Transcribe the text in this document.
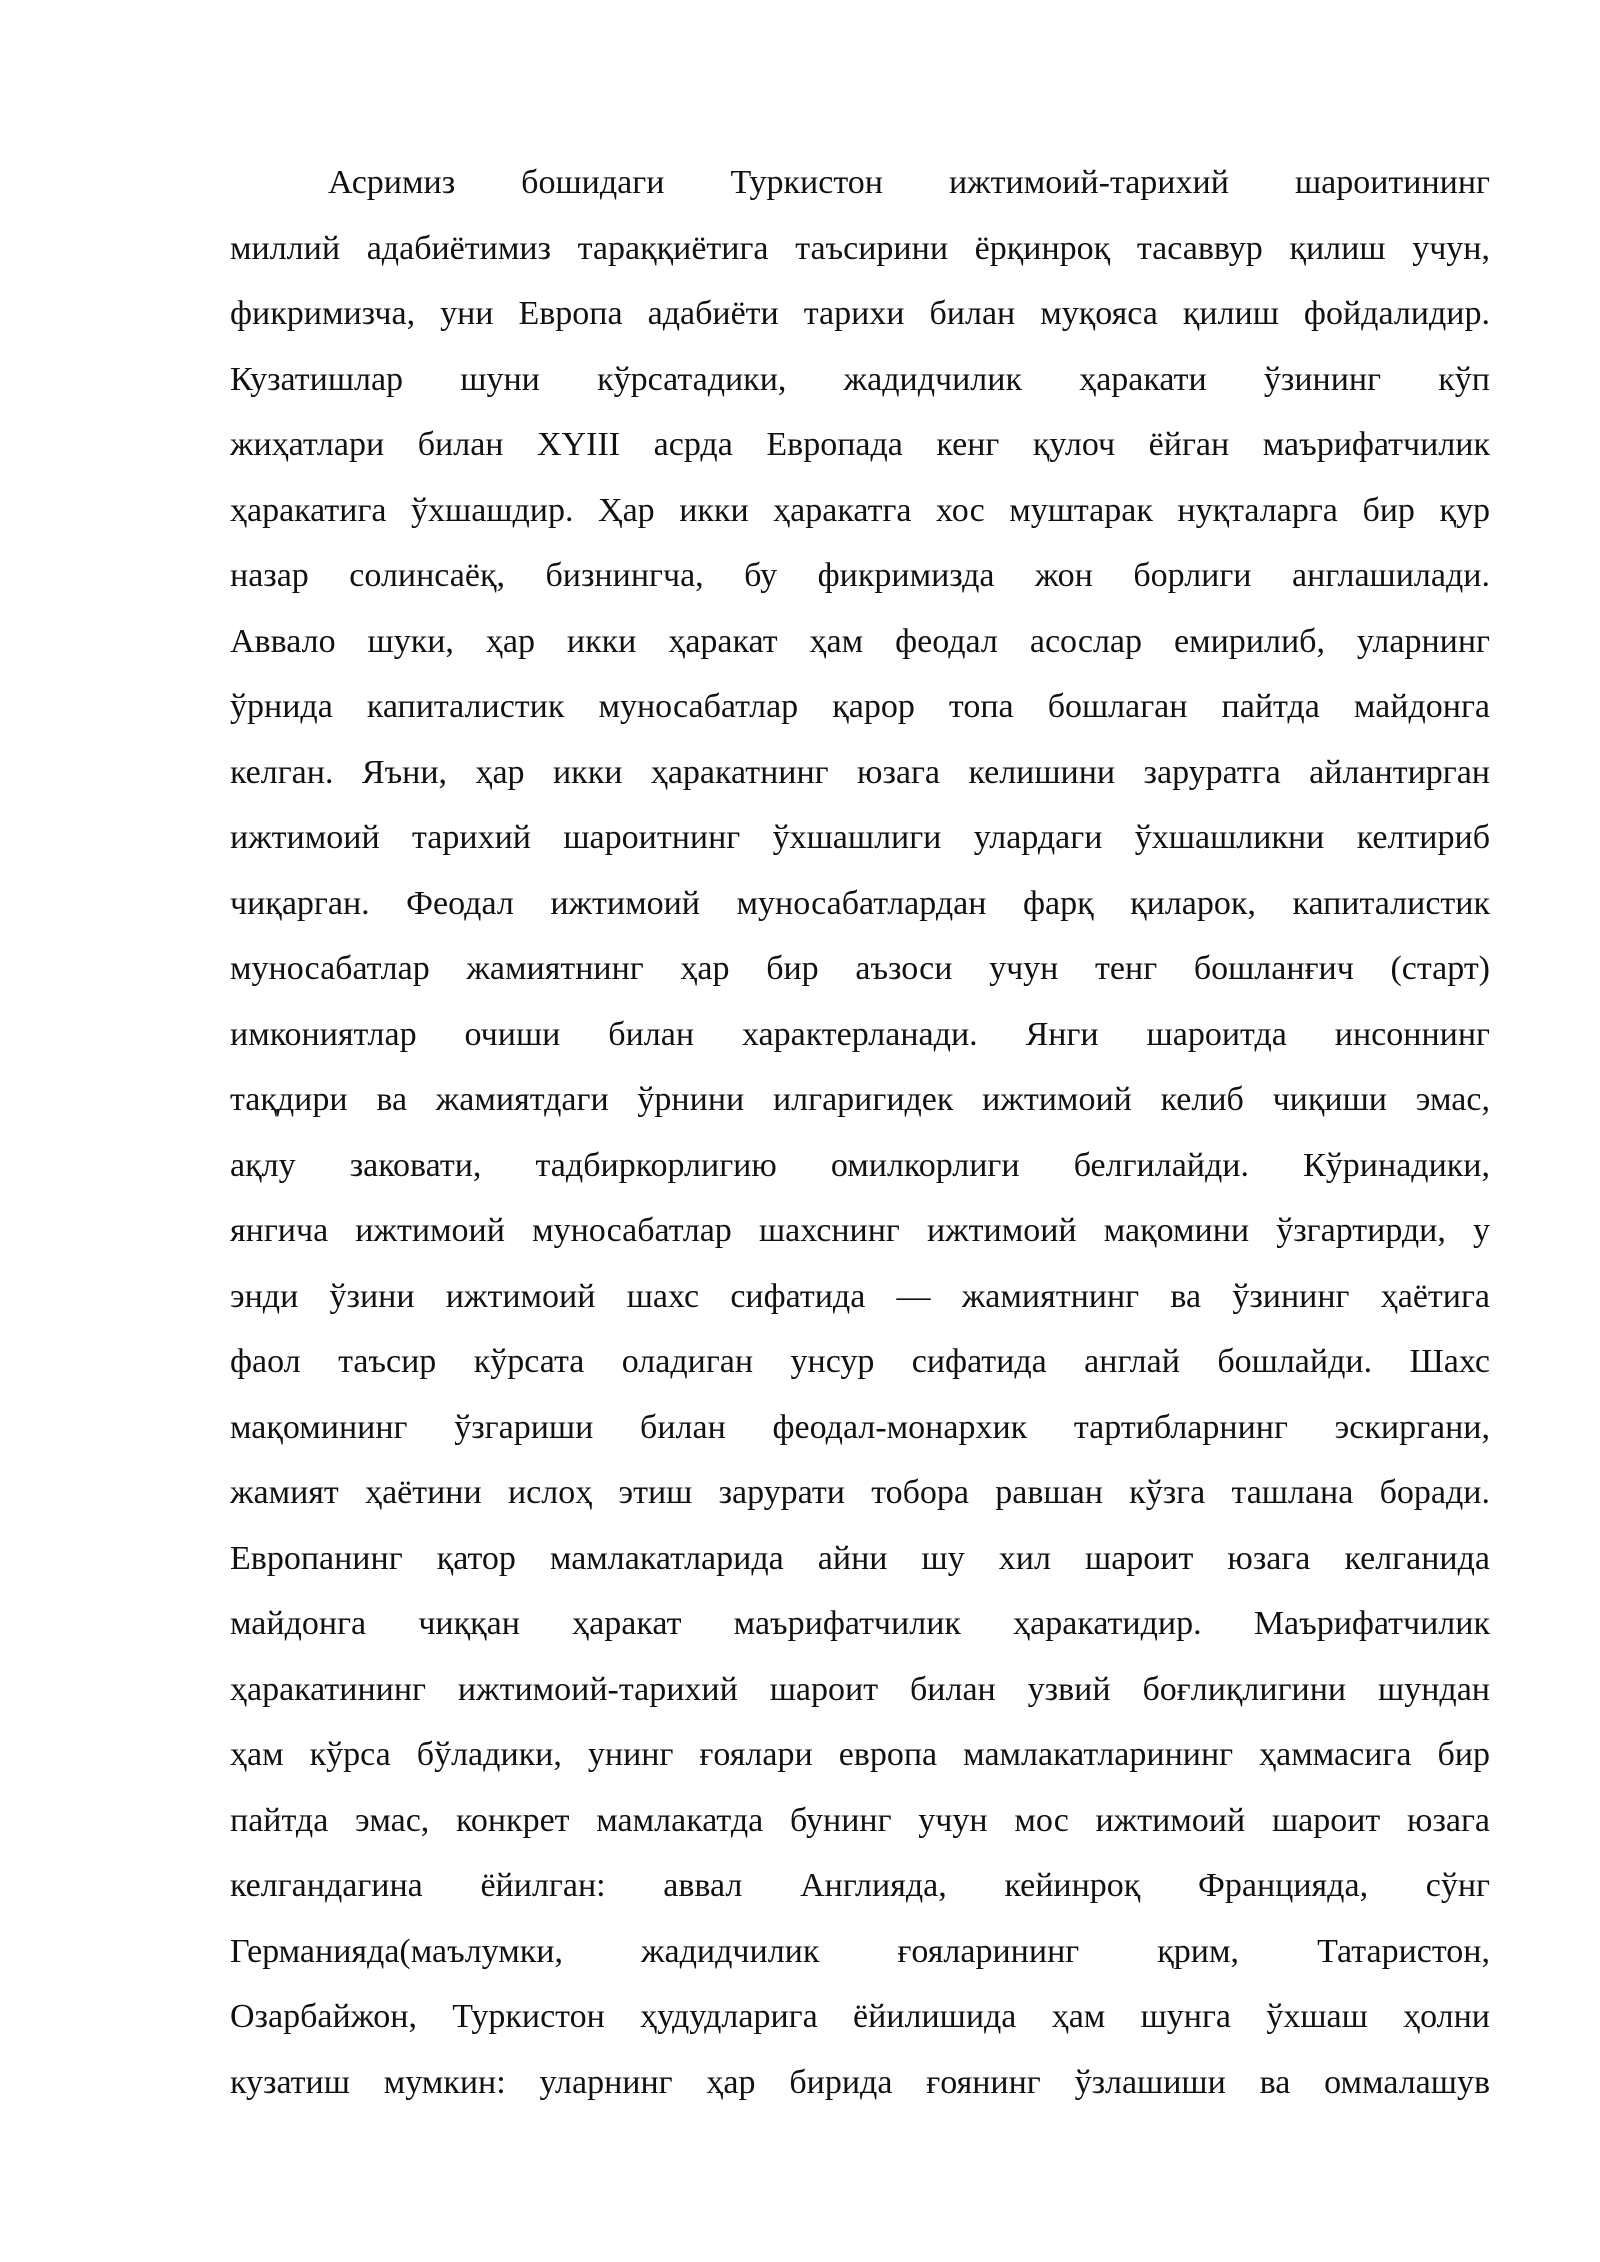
Асримиз бошидаги Туркистон ижтимоий-тарихий шароитининг
миллий адабиётимиз тараққиётига таъсирини ёрқинроқ тасаввур қилиш учун,
фикримизча, уни Европа адабиёти тарихи билан муқояса қилиш фойдалидир.
Кузатишлар шуни кўрсатадики, жадидчилик ҳаракати ўзининг кўп
жиҳатлари билан XYIII асрда Европада кенг қулоч ёйган маърифатчилик
ҳаракатига ўхшашдир. Ҳар икки ҳаракатга хос муштарак нуқталарга бир қур
назар солинсаёқ, бизнингча, бу фикримизда жон борлиги англашилади.
Аввало шуки, ҳар икки ҳаракат ҳам феодал асослар емирилиб, уларнинг
ўрнида капиталистик муносабатлар қарор топа бошлаган пайтда майдонга
келган. Яъни, ҳар икки ҳаракатнинг юзага келишини заруратга айлантирган
ижтимоий тарихий шароитнинг ўхшашлиги улардаги ўхшашликни келтириб
чиқарган. Феодал ижтимоий муносабатлардан фарқ қиларок, капиталистик
муносабатлар жамиятнинг ҳар бир аъзоси учун тенг бошланғич (старт)
имкониятлар очиши билан характерланади. Янги шароитда инсоннинг
тақдири ва жамиятдаги ўрнини илгаригидек ижтимоий келиб чиқиши эмас,
ақлу заковати, тадбиркорлигию омилкорлиги белгилайди. Кўринадики,
янгича ижтимоий муносабатлар шахснинг ижтимоий мақомини ўзгартирди, у
энди ўзини ижтимоий шахс сифатида — жамиятнинг ва ўзининг ҳаётига
фаол таъсир кўрсата оладиган унсур сифатида англай бошлайди. Шахс
мақомининг ўзгариши билан феодал-монархик тартибларнинг эскиргани,
жамият ҳаётини ислоҳ этиш зарурати тобора равшан кўзга ташлана боради.
Европанинг қатор мамлакатларида айни шу хил шароит юзага келганида
майдонга чиққан ҳаракат маърифатчилик ҳаракатидир. Маърифатчилик
ҳаракатининг ижтимоий-тарихий шароит билан узвий боғлиқлигини шундан
ҳам кўрса бўладики, унинг ғоялари европа мамлакатларининг ҳаммасига бир
пайтда эмас, конкрет мамлакатда бунинг учун мос ижтимоий шароит юзага
келгандагина ёйилган: аввал Англияда, кейинроқ Францияда, сўнг
Германияда(маълумки, жадидчилик ғояларининг қрим, Татаристон,
Озарбайжон, Туркистон ҳудудларига ёйилишида ҳам шунга ўхшаш ҳолни
кузатиш мумкин: уларнинг ҳар бирида ғоянинг ўзлашиши ва оммалашув
